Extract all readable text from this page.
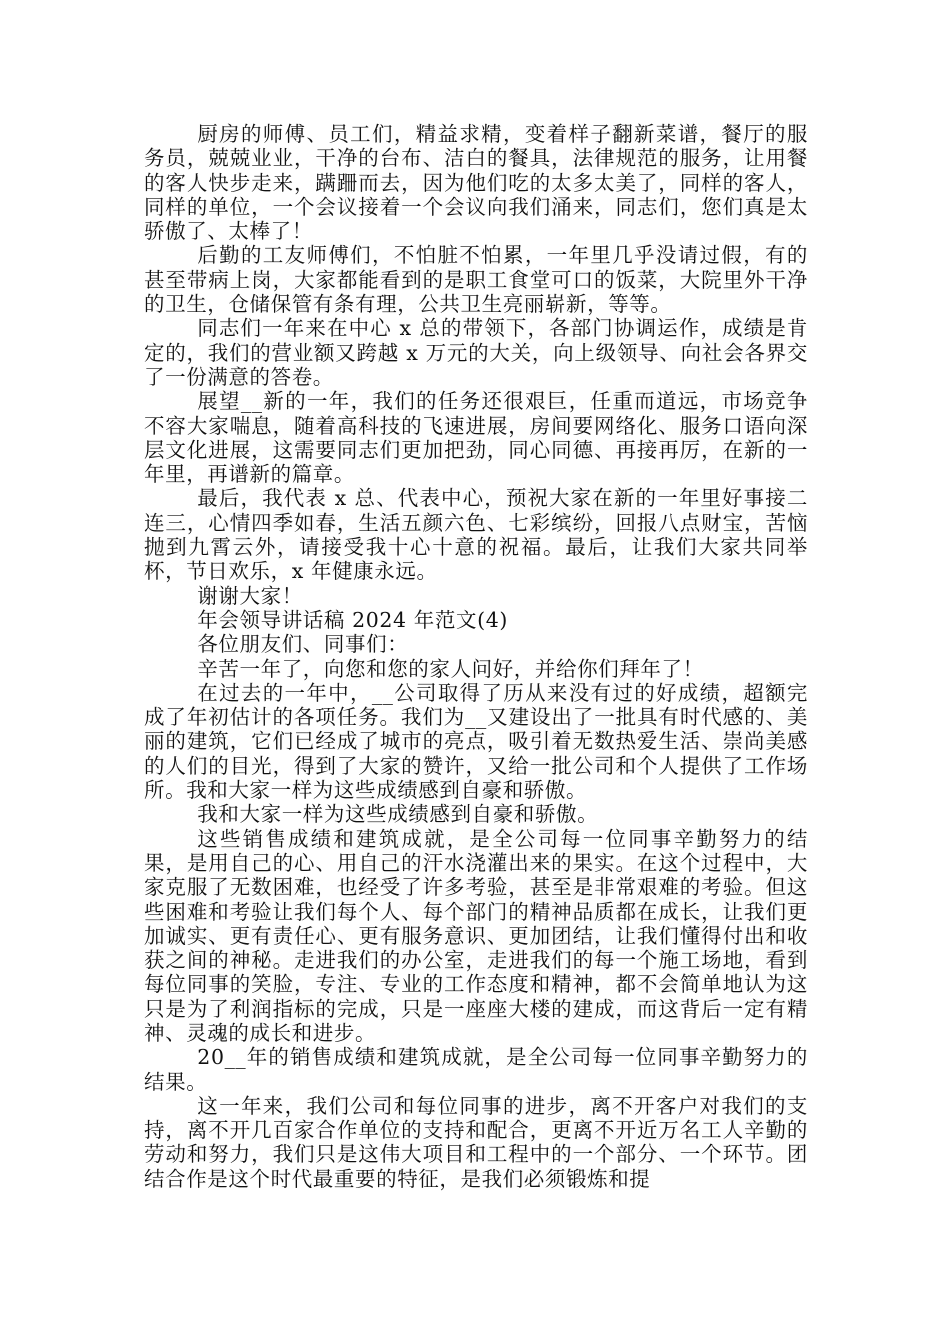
厨房的师傅、员工们，精益求精，变着样子翻新菜谱，餐厅的服务员，兢兢业业，干净的台布、洁白的餐具，法律规范的服务，让用餐的客人快步走来，蹒跚而去，因为他们吃的太多太美了，同样的客人，同样的单位，一个会议接着一个会议向我们涌来，同志们，您们真是太骄傲了、太棒了！

后勤的工友师傅们，不怕脏不怕累，一年里几乎没请过假，有的甚至带病上岗，大家都能看到的是职工食堂可口的饭菜，大院里外干净的卫生，仓储保管有条有理，公共卫生亮丽崭新，等等。

同志们一年来在中心 x 总的带领下，各部门协调运作，成绩是肯定的，我们的营业额又跨越 x 万元的大关，向上级领导、向社会各界交了一份满意的答卷。

展望__新的一年，我们的任务还很艰巨，任重而道远，市场竞争不容大家喘息，随着高科技的飞速进展，房间要网络化、服务口语向深层文化进展，这需要同志们更加把劲，同心同德、再接再厉，在新的一年里，再谱新的篇章。

最后，我代表 x 总、代表中心，预祝大家在新的一年里好事接二连三，心情四季如春，生活五颜六色、七彩缤纷，回报八点财宝，苦恼抛到九霄云外，请接受我十心十意的祝福。最后，让我们大家共同举杯，节日欢乐，x 年健康永远。

谢谢大家！

年会领导讲话稿 2024 年范文(4)

各位朋友们、同事们：

辛苦一年了，向您和您的家人问好，并给你们拜年了！

在过去的一年中，__公司取得了历从来没有过的好成绩，超额完成了年初估计的各项任务。我们为__又建设出了一批具有时代感的、美丽的建筑，它们已经成了城市的亮点，吸引着无数热爱生活、崇尚美感的人们的目光，得到了大家的赞许，又给一批公司和个人提供了工作场所。我和大家一样为这些成绩感到自豪和骄傲。

我和大家一样为这些成绩感到自豪和骄傲。

这些销售成绩和建筑成就，是全公司每一位同事辛勤努力的结果，是用自己的心、用自己的汗水浇灌出来的果实。在这个过程中，大家克服了无数困难，也经受了许多考验，甚至是非常艰难的考验。但这些困难和考验让我们每个人、每个部门的精神品质都在成长，让我们更加诚实、更有责任心、更有服务意识、更加团结，让我们懂得付出和收获之间的神秘。走进我们的办公室，走进我们的每一个施工场地，看到每位同事的笑脸，专注、专业的工作态度和精神，都不会简单地认为这只是为了利润指标的完成，只是一座座大楼的建成，而这背后一定有精神、灵魂的成长和进步。

20__年的销售成绩和建筑成就，是全公司每一位同事辛勤努力的结果。

这一年来，我们公司和每位同事的进步，离不开客户对我们的支持，离不开几百家合作单位的支持和配合，更离不开近万名工人辛勤的劳动和努力，我们只是这伟大项目和工程中的一个部分、一个环节。团结合作是这个时代最重要的特征，是我们必须锻炼和提
